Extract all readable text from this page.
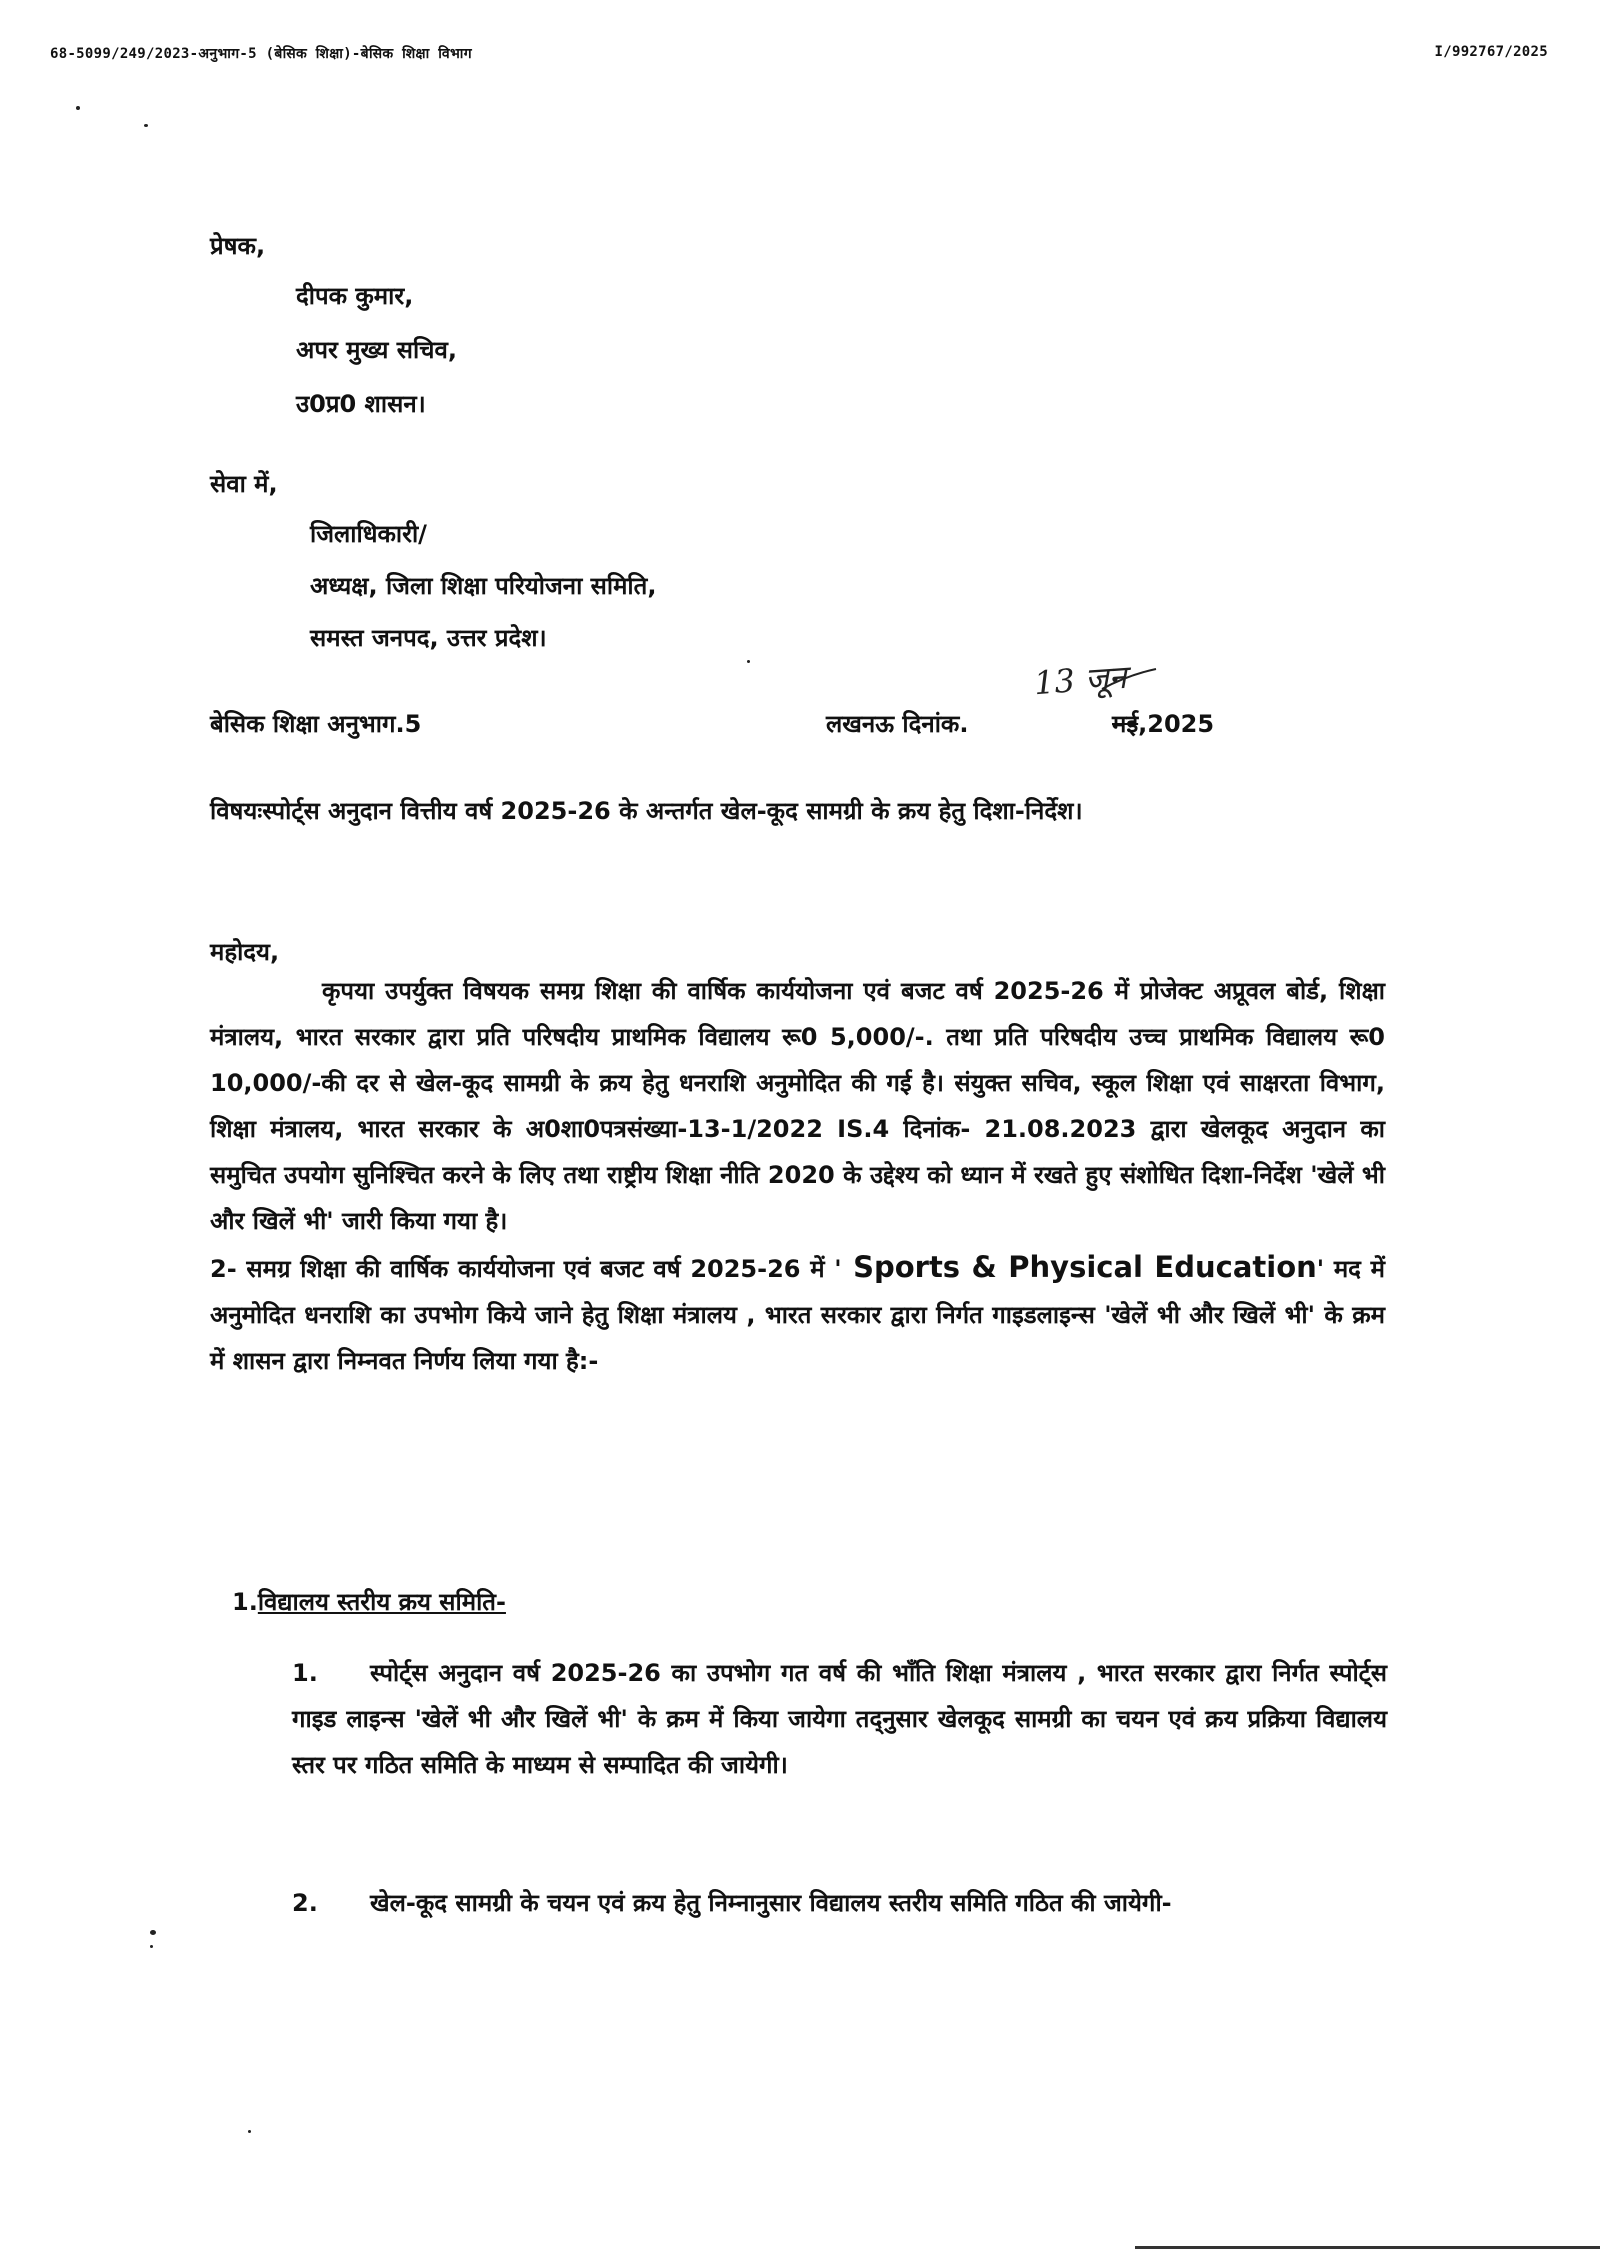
68-5099/249/2023-अनुभाग-5 (बेसिक शिक्षा)-बेसिक शिक्षा विभाग	I/992767/2025
प्रेषक,
दीपक कुमार,
अपर मुख्य सचिव,
उ0प्र0 शासन।
सेवा में,
जिलाधिकारी/
अध्यक्ष, जिला शिक्षा परियोजना समिति,
समस्त जनपद, उत्तर प्रदेश।
बेसिक शिक्षा अनुभाग.5	लखनऊ दिनांक.
13 जून
मई,2025
विषयःस्पोर्ट्स अनुदान वित्तीय वर्ष 2025-26 के अन्तर्गत खेल-कूद सामग्री के क्रय हेतु दिशा-निर्देश।
महोदय,

कृपया उपर्युक्त विषयक समग्र शिक्षा की वार्षिक कार्ययोजना एवं बजट वर्ष 2025-26 में प्रोजेक्ट अप्रूवल बोर्ड, शिक्षा मंत्रालय, भारत सरकार द्वारा प्रति परिषदीय प्राथमिक विद्यालय रू0 5,000/-. तथा प्रति परिषदीय उच्च प्राथमिक विद्यालय रू0 10,000/-की दर से खेल-कूद सामग्री के क्रय हेतु धनराशि अनुमोदित की गई है। संयुक्त सचिव, स्कूल शिक्षा एवं साक्षरता विभाग, शिक्षा मंत्रालय, भारत सरकार के अ0शा0पत्रसंख्या-13-1/2022 IS.4 दिनांक- 21.08.2023 द्वारा खेलकूद अनुदान का समुचित उपयोग सुनिश्चित करने के लिए तथा राष्ट्रीय शिक्षा नीति 2020 के उद्देश्य को ध्यान में रखते हुए संशोधित दिशा-निर्देश 'खेलें भी और खिलें भी' जारी किया गया है।

2- समग्र शिक्षा की वार्षिक कार्ययोजना एवं बजट वर्ष 2025-26 में ' Sports & Physical Education' मद में अनुमोदित धनराशि का उपभोग किये जाने हेतु शिक्षा मंत्रालय , भारत सरकार द्वारा निर्गत गाइडलाइन्स 'खेलें भी और खिलें भी' के क्रम में शासन द्वारा निम्नवत निर्णय लिया गया है:-

1.विद्यालय स्तरीय क्रय समिति-
1. स्पोर्ट्स अनुदान वर्ष 2025-26 का उपभोग गत वर्ष की भाँति शिक्षा मंत्रालय , भारत सरकार द्वारा निर्गत स्पोर्ट्स गाइड लाइन्स 'खेलें भी और खिलें भी' के क्रम में किया जायेगा तद्नुसार खेलकूद सामग्री का चयन एवं क्रय प्रक्रिया विद्यालय स्तर पर गठित समिति के माध्यम से सम्पादित की जायेगी।
2. खेल-कूद सामग्री के चयन एवं क्रय हेतु निम्नानुसार विद्यालय स्तरीय समिति गठित की जायेगी-
